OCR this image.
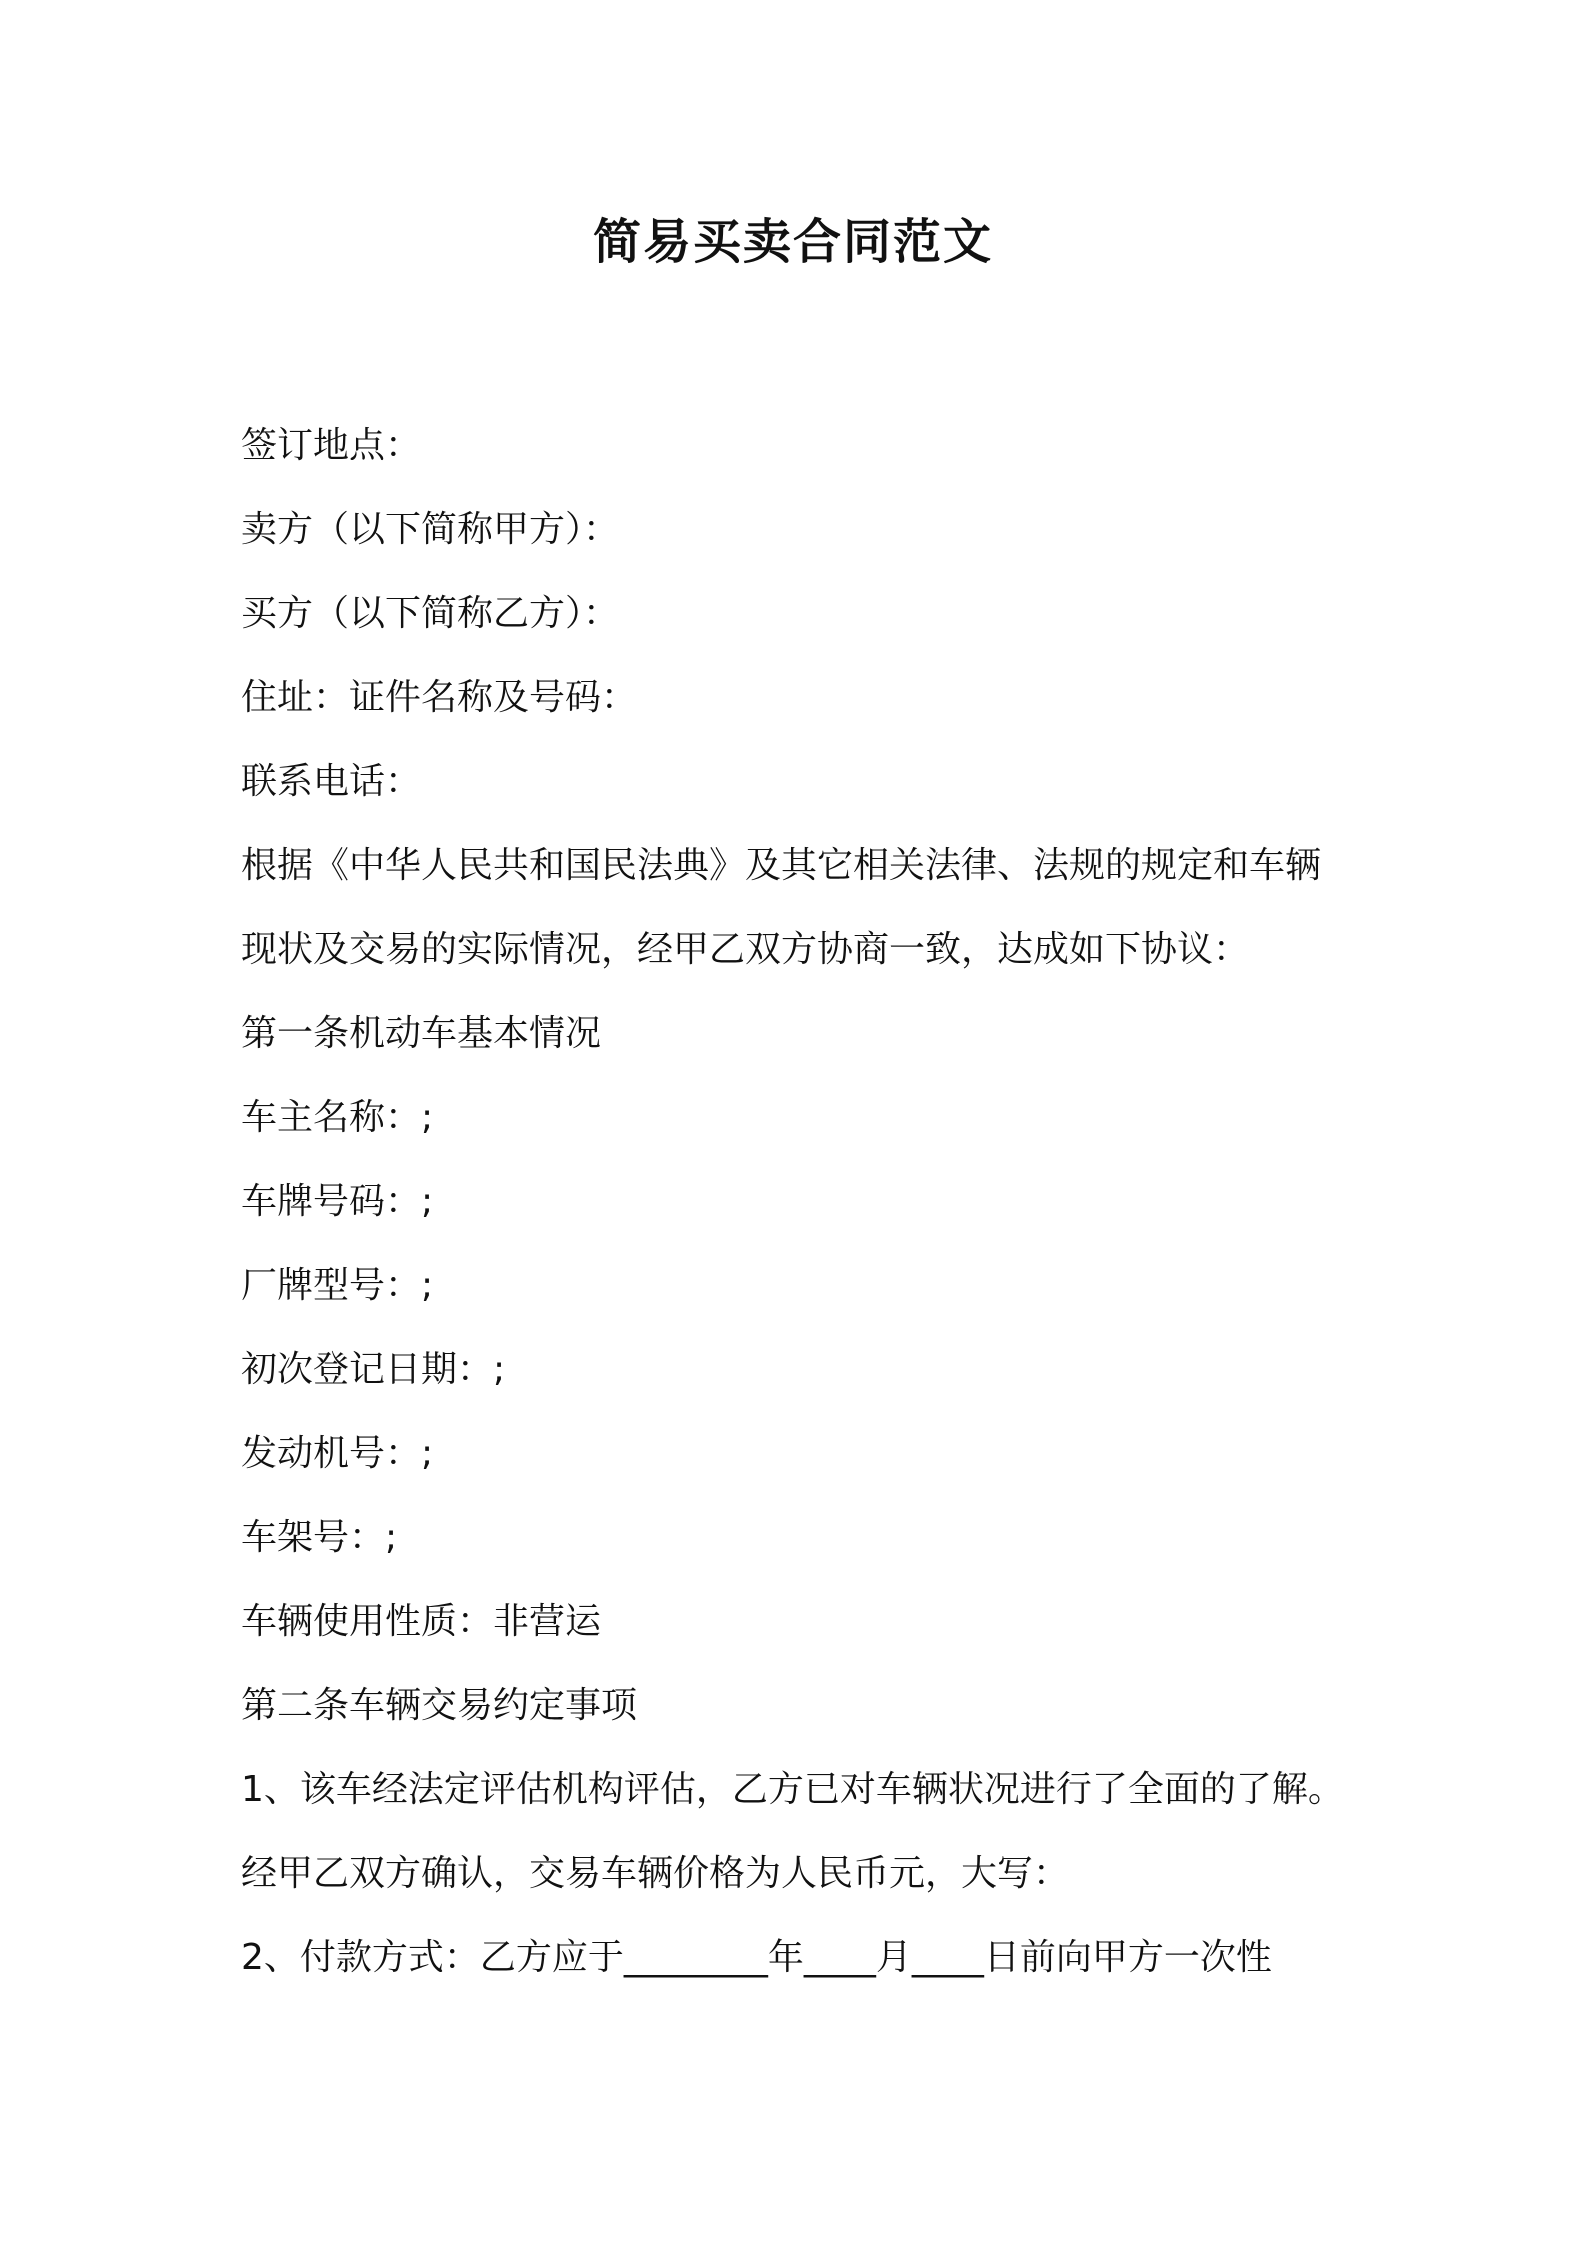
简易买卖合同范文

签订地点：

卖方（以下简称甲方）：

买方（以下简称乙方）：

住址：证件名称及号码：

联系电话：

根据《中华人民共和国民法典》及其它相关法律、法规的规定和车辆

现状及交易的实际情况，经甲乙双方协商一致，达成如下协议：

第一条机动车基本情况

车主名称：;

车牌号码：;

厂牌型号：;

初次登记日期：;

发动机号：;

车架号：;

车辆使用性质：非营运

第二条车辆交易约定事项

1、该车经法定评估机构评估，乙方已对车辆状况进行了全面的了解。

经甲乙双方确认，交易车辆价格为人民币元，大写：

2、付款方式：乙方应于________年____月____日前向甲方一次性
